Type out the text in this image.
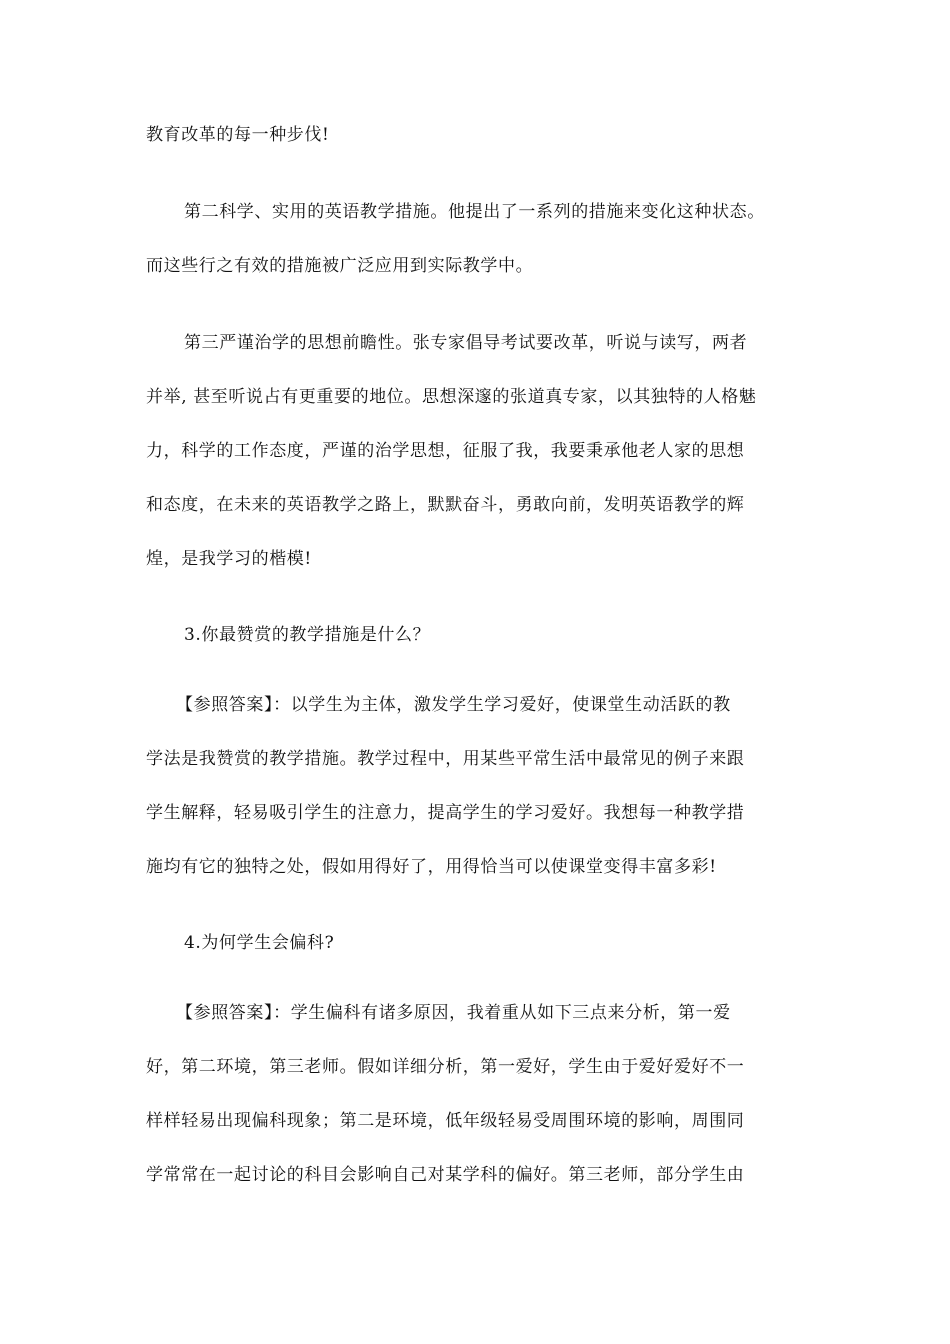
教育改革的每一种步伐!
第二科学、实用的英语教学措施。他提出了一系列的措施来变化这种状态。
而这些行之有效的措施被广泛应用到实际教学中。
第三严谨治学的思想前瞻性。张专家倡导考试要改革，听说与读写，两者
并举, 甚至听说占有更重要的地位。思想深邃的张道真专家，以其独特的人格魅
力，科学的工作态度，严谨的治学思想，征服了我，我要秉承他老人家的思想
和态度，在未来的英语教学之路上，默默奋斗，勇敢向前，发明英语教学的辉
煌，是我学习的楷模!
3.你最赞赏的教学措施是什么？
【参照答案】：以学生为主体，激发学生学习爱好，使课堂生动活跃的教
学法是我赞赏的教学措施。教学过程中，用某些平常生活中最常见的例子来跟
学生解释，轻易吸引学生的注意力，提高学生的学习爱好。我想每一种教学措
施均有它的独特之处，假如用得好了，用得恰当可以使课堂变得丰富多彩!
4.为何学生会偏科?
【参照答案】：学生偏科有诸多原因，我着重从如下三点来分析，第一爱
好，第二环境，第三老师。假如详细分析，第一爱好，学生由于爱好爱好不一
样样轻易出现偏科现象；第二是环境，低年级轻易受周围环境的影响，周围同
学常常在一起讨论的科目会影响自己对某学科的偏好。第三老师，部分学生由
